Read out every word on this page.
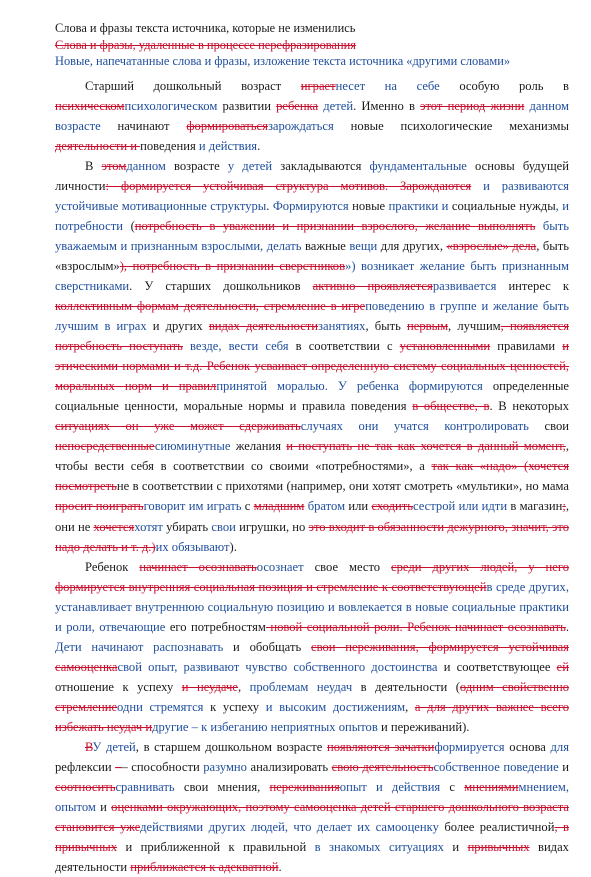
Слова и фразы текста источника, которые не изменились
Слова и фразы, удаленные в процессе перефразирования
Новые, напечатанные слова и фразы, изложение текста источника «другими словами»

Старший дошкольный возраст играетнесет на себе особую роль в психическомпсихологическом развитии ребенка детей. Именно в этот период жизни данном возрасте начинают формироватьсязарождаться новые психологические механизмы деятельности и поведения и действия.

В этомданном возрасте у детей закладываются фундаментальные основы будущей личности: формируется устойчивая структура мотивов. Зарождаются и развиваются устойчивые мотивационные структуры. Формируются новые практики и социальные нужды, и потребности (потребность в уважении и признании взрослого, желание выполнять быть уважаемым и признанным взрослыми, делать важные вещи для других, «взрослые» дела, быть «взрослым»), потребность в признании сверстников») возникает желание быть признанным сверстниками. У старших дошкольников активно проявляетсяразвивается интерес к коллективным формам деятельности, стремление в игреповедению в группе и желание быть лучшим в играх и других видах деятельностизанятиях, быть первым, лучшим, появляется потребность поступать везде, вести себя в соответствии с установленными правилами и этическими нормами и т.д. Ребенок усваивает определенную систему социальных ценностей, моральных норм и правилпринятой моралью. У ребенка формируются определенные социальные ценности, моральные нормы и правила поведения в обществе, в. В некоторых ситуациях он уже может сдерживатьслучаях они учатся контролировать свои непосредственныесиюминутные желания и поступать не так как хочется в данный момент,, чтобы вести себя в соответствии со своими «потребностями», а так как «надо» (хочется посмотретьне в соответствии с прихотями (например, они хотят смотреть «мультики», но мама просит поигратьговорит им играть с младшим братом или сходитьсестрой или идти в магазин;, они не хочетсяхотят убирать свои игрушки, но это входит в обязанности дежурного, значит, это надо делать и т. д.)их обязывают).

Ребенок начинает осознаватьосознает свое место среди других людей, у него формируется внутренняя социальная позиция и стремление к соответствующейв среде других, устанавливает внутреннюю социальную позицию и вовлекается в новые социальные практики и роли, отвечающие его потребностям новой социальной роли. Ребенок начинает осознавать. Дети начинают распознавать и обобщать свои переживания, формируется устойчивая самооценкасвой опыт, развивают чувство собственного достоинства и соответствующее ей отношение к успеху и неудаче, проблемам неудач в деятельности (одним свойственно стремлениеодни стремятся к успеху и высоким достижениям, а для других важнее всего избежать неудач идругие – к избеганию неприятных опытов и переживаний).

ВУ детей, в старшем дошкольном возрасте появляются зачаткиформируется основа для рефлексии –– способности разумно анализировать свою деятельностьсобственное поведение и соотноситьсравнивать свои мнения, переживанияопыт и действия с мнениямимнением, опытом и оценками окружающих, поэтому самооценка детей старшего дошкольного возраста становится ужедействиями других людей, что делает их самооценку более реалистичной, в привычных и приближенной к правильной в знакомых ситуациях и привычных видах деятельности приближается к адекватной.
